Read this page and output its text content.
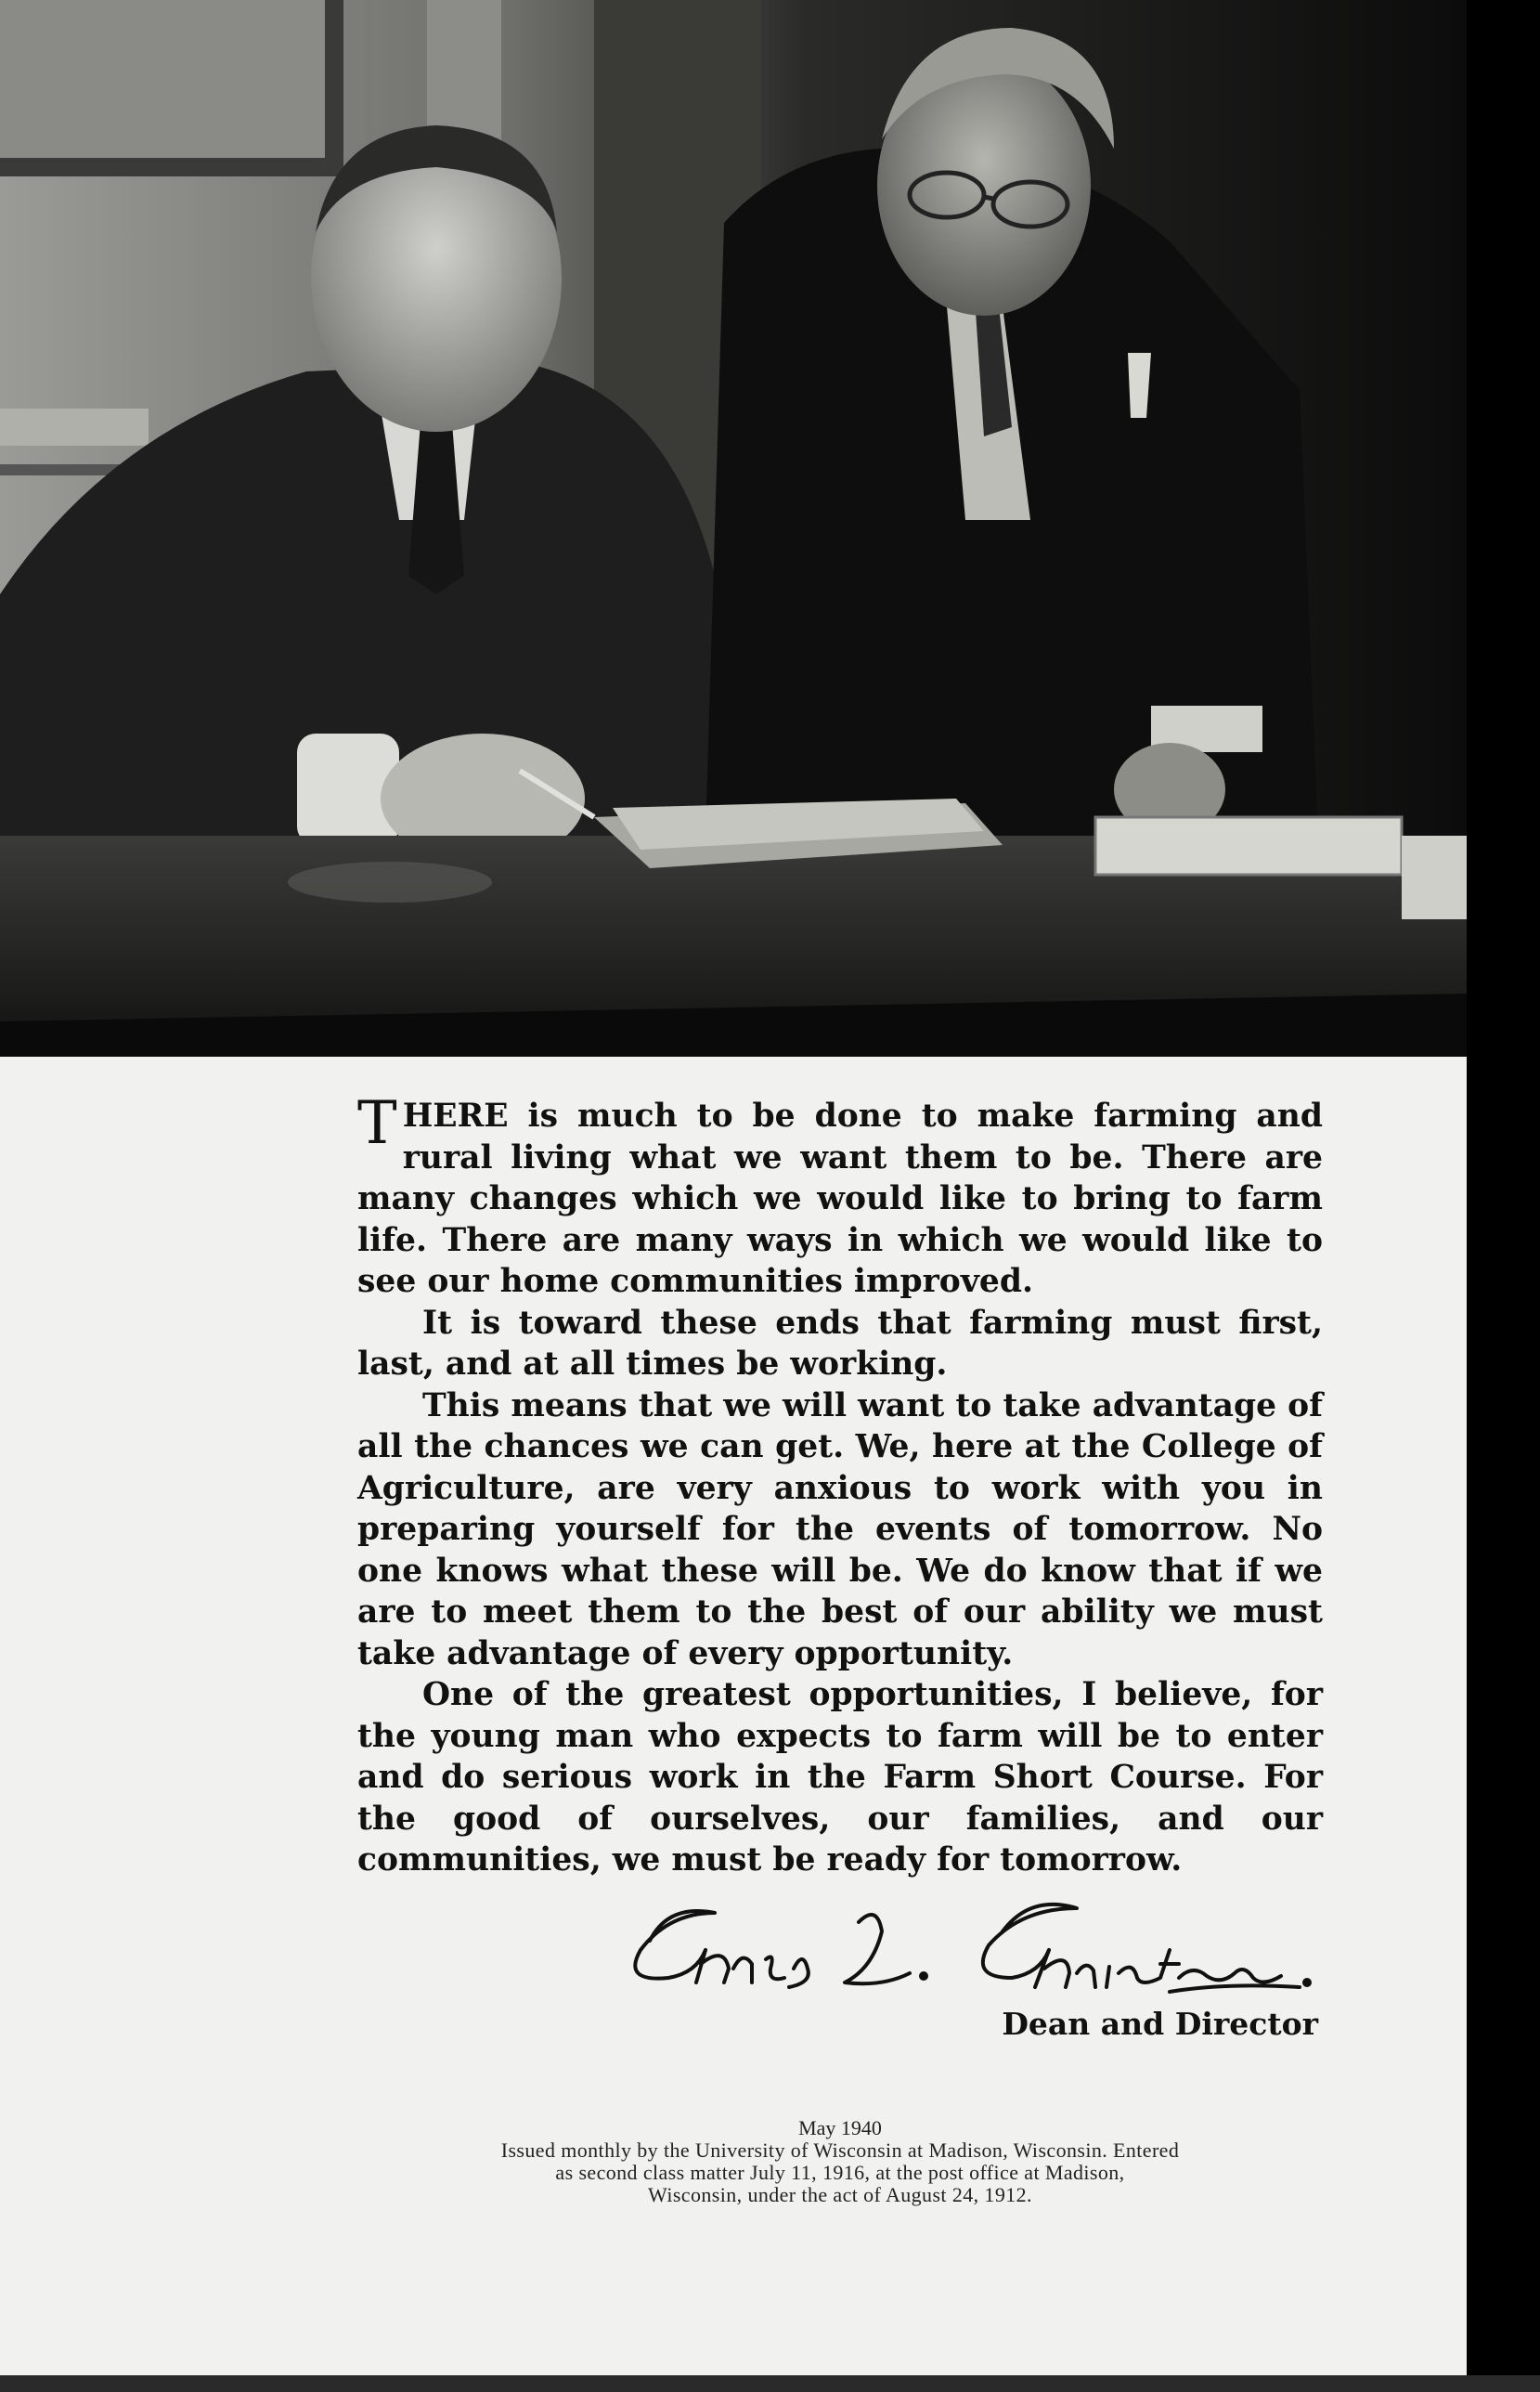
THERE is much to be done to make farming and rural living what we want them to be. There are many changes which we would like to bring to farm life. There are many ways in which we would like to see our home communities improved.

It is toward these ends that farming must first, last, and at all times be working.

This means that we will want to take advantage of all the chances we can get. We, here at the College of Agriculture, are very anxious to work with you in preparing yourself for the events of tomorrow. No one knows what these will be. We do know that if we are to meet them to the best of our ability we must take advantage of every opportunity.

One of the greatest opportunities, I believe, for the young man who expects to farm will be to enter and do serious work in the Farm Short Course. For the good of ourselves, our families, and our communities, we must be ready for tomorrow.

Dean and Director
May 1940
Issued monthly by the University of Wisconsin at Madison, Wisconsin. Entered
as second class matter July 11, 1916, at the post office at Madison,
Wisconsin, under the act of August 24, 1912.
